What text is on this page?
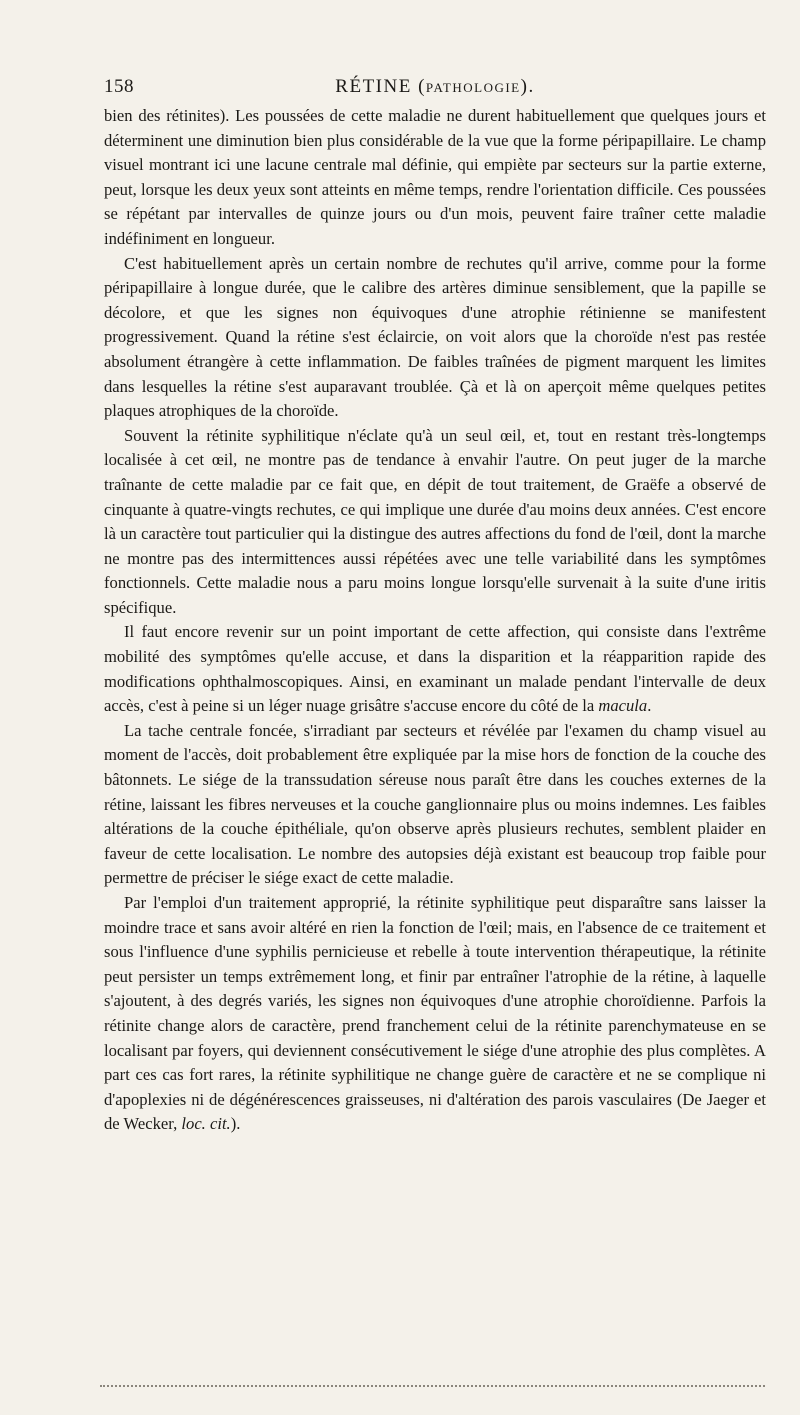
158	RÉTINE (PATHOLOGIE).

bien des rétinites). Les poussées de cette maladie ne durent habituellement que quelques jours et déterminent une diminution bien plus considérable de la vue que la forme péripapillaire. Le champ visuel montrant ici une lacune centrale mal définie, qui empiète par secteurs sur la partie externe, peut, lorsque les deux yeux sont atteints en même temps, rendre l'orientation difficile. Ces poussées se répétant par intervalles de quinze jours ou d'un mois, peuvent faire traîner cette maladie indéfiniment en longueur.

C'est habituellement après un certain nombre de rechutes qu'il arrive, comme pour la forme péripapillaire à longue durée, que le calibre des artères diminue sensiblement, que la papille se décolore, et que les signes non équivoques d'une atrophie rétinienne se manifestent progressivement. Quand la rétine s'est éclaircie, on voit alors que la choroïde n'est pas restée absolument étrangère à cette inflammation. De faibles traînées de pigment marquent les limites dans lesquelles la rétine s'est auparavant troublée. Çà et là on aperçoit même quelques petites plaques atrophiques de la choroïde.

Souvent la rétinite syphilitique n'éclate qu'à un seul œil, et, tout en restant très-longtemps localisée à cet œil, ne montre pas de tendance à envahir l'autre. On peut juger de la marche traînante de cette maladie par ce fait que, en dépit de tout traitement, de Graëfe a observé de cinquante à quatre-vingts rechutes, ce qui implique une durée d'au moins deux années. C'est encore là un caractère tout particulier qui la distingue des autres affections du fond de l'œil, dont la marche ne montre pas des intermittences aussi répétées avec une telle variabilité dans les symptômes fonctionnels. Cette maladie nous a paru moins longue lorsqu'elle survenait à la suite d'une iritis spécifique.

Il faut encore revenir sur un point important de cette affection, qui consiste dans l'extrême mobilité des symptômes qu'elle accuse, et dans la disparition et la réapparition rapide des modifications ophthalmoscopiques. Ainsi, en examinant un malade pendant l'intervalle de deux accès, c'est à peine si un léger nuage grisâtre s'accuse encore du côté de la macula.

La tache centrale foncée, s'irradiant par secteurs et révélée par l'examen du champ visuel au moment de l'accès, doit probablement être expliquée par la mise hors de fonction de la couche des bâtonnets. Le siége de la transsudation séreuse nous paraît être dans les couches externes de la rétine, laissant les fibres nerveuses et la couche ganglionnaire plus ou moins indemnes. Les faibles altérations de la couche épithéliale, qu'on observe après plusieurs rechutes, semblent plaider en faveur de cette localisation. Le nombre des autopsies déjà existant est beaucoup trop faible pour permettre de préciser le siége exact de cette maladie.

Par l'emploi d'un traitement approprié, la rétinite syphilitique peut disparaître sans laisser la moindre trace et sans avoir altéré en rien la fonction de l'œil; mais, en l'absence de ce traitement et sous l'influence d'une syphilis pernicieuse et rebelle à toute intervention thérapeutique, la rétinite peut persister un temps extrêmement long, et finir par entraîner l'atrophie de la rétine, à laquelle s'ajoutent, à des degrés variés, les signes non équivoques d'une atrophie choroïdienne. Parfois la rétinite change alors de caractère, prend franchement celui de la rétinite parenchymateuse en se localisant par foyers, qui deviennent consécutivement le siége d'une atrophie des plus complètes. A part ces cas fort rares, la rétinite syphilitique ne change guère de caractère et ne se complique ni d'apoplexies ni de dégénérescences graisseuses, ni d'altération des parois vasculaires (De Jaeger et de Wecker, loc. cit.).
